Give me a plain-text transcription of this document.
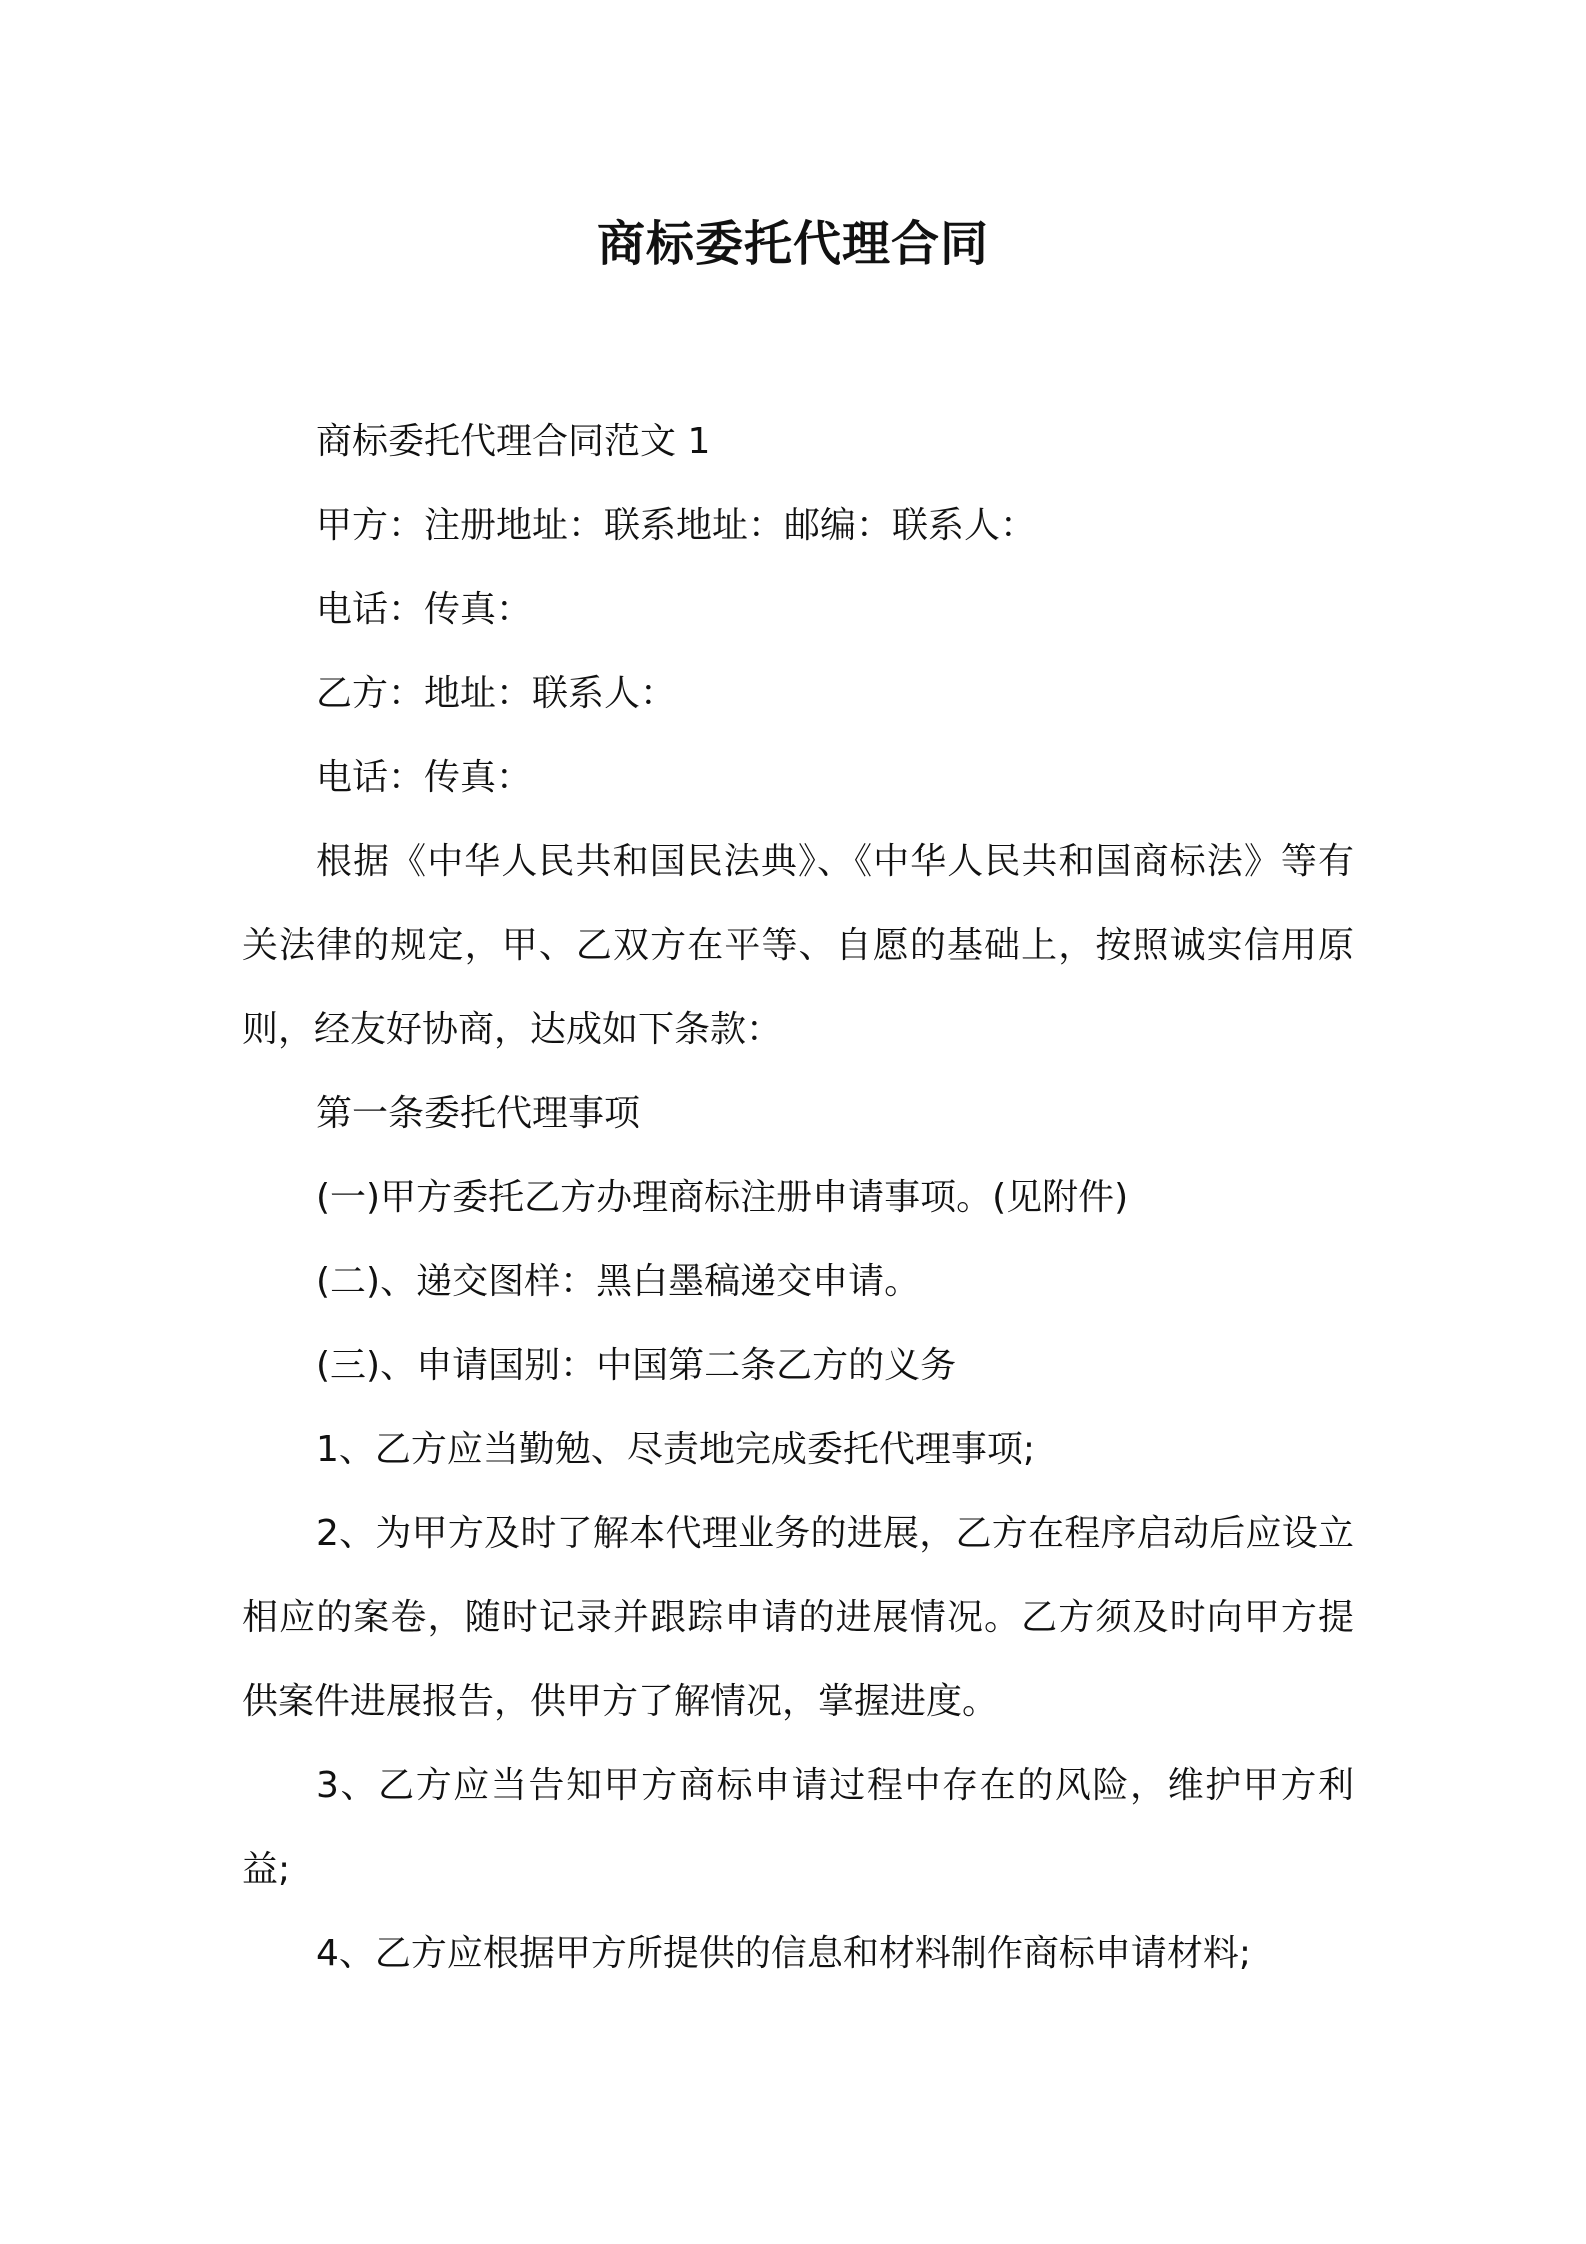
商标委托代理合同

商标委托代理合同范文 1

甲方：注册地址：联系地址：邮编：联系人：

电话：传真：

乙方：地址：联系人：

电话：传真：

根据《中华人民共和国民法典》、《中华人民共和国商标法》等有关法律的规定，甲、乙双方在平等、自愿的基础上，按照诚实信用原则，经友好协商，达成如下条款：

第一条委托代理事项

(一)甲方委托乙方办理商标注册申请事项。(见附件)

(二)、递交图样：黑白墨稿递交申请。

(三)、申请国别：中国第二条乙方的义务

1、乙方应当勤勉、尽责地完成委托代理事项;

2、为甲方及时了解本代理业务的进展，乙方在程序启动后应设立相应的案卷，随时记录并跟踪申请的进展情况。乙方须及时向甲方提供案件进展报告，供甲方了解情况，掌握进度。

3、乙方应当告知甲方商标申请过程中存在的风险，维护甲方利益;

4、乙方应根据甲方所提供的信息和材料制作商标申请材料;
